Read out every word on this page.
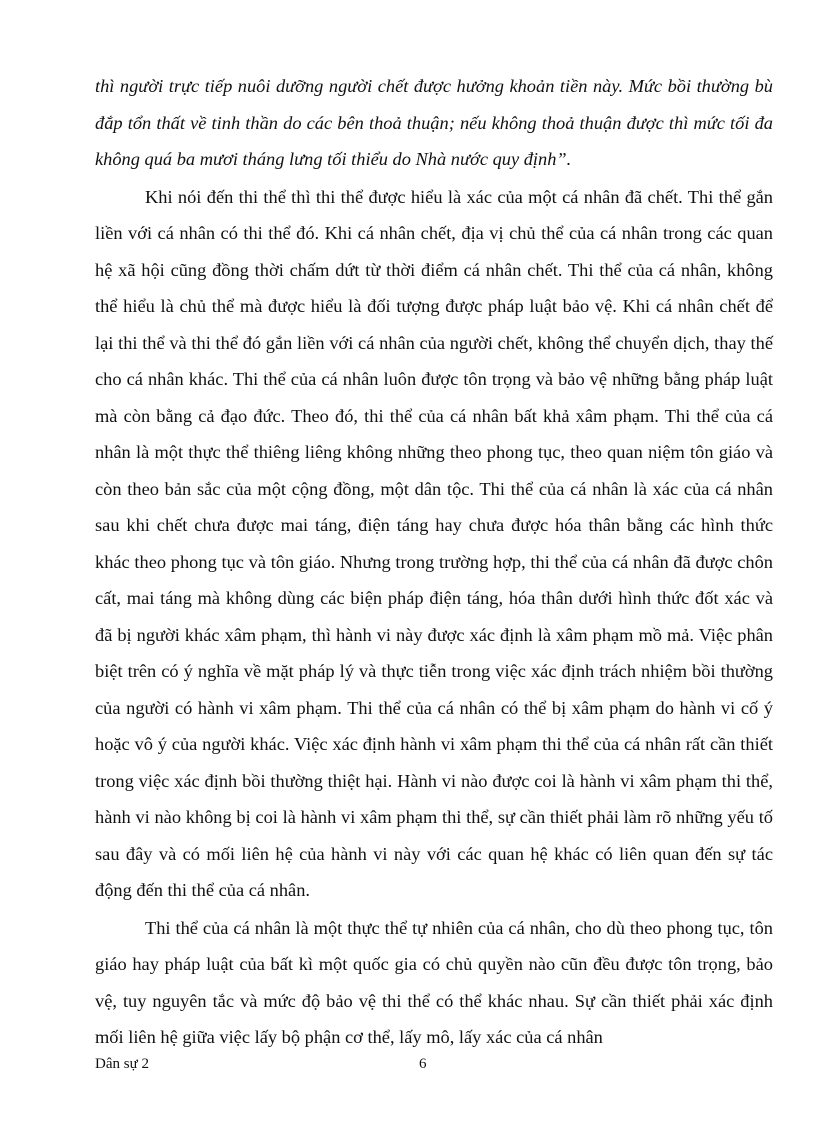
thì người trực tiếp nuôi dưỡng người chết được hưởng khoản tiền này. Mức bồi thường bù đắp tổn thất về tinh thần do các bên thoả thuận; nếu không thoả thuận được thì mức tối đa không quá ba mươi tháng lưng tối thiểu do Nhà nước quy định”.

Khi nói đến thi thể thì thi thể được hiểu là xác của một cá nhân đã chết. Thi thể gắn liền với cá nhân có thi thể đó. Khi cá nhân chết, địa vị chủ thể của cá nhân trong các quan hệ xã hội cũng đồng thời chấm dứt từ thời điểm cá nhân chết. Thi thể của cá nhân, không thể hiểu là chủ thể mà được hiểu là đối tượng được pháp luật bảo vệ. Khi cá nhân chết để lại thi thể và thi thể đó gắn liền với cá nhân của người chết, không thể chuyển dịch, thay thế cho cá nhân khác. Thi thể của cá nhân luôn được tôn trọng và bảo vệ những bằng pháp luật mà còn bằng cả đạo đức. Theo đó, thi thể của cá nhân bất khả xâm phạm. Thi thể của cá nhân là một thực thể thiêng liêng không những theo phong tục, theo quan niệm tôn giáo và còn theo bản sắc của một cộng đồng, một dân tộc. Thi thể của cá nhân là xác của cá nhân sau khi chết chưa được mai táng, điện táng hay chưa được hóa thân bằng các hình thức khác theo phong tục và tôn giáo. Nhưng trong trường hợp, thi thể của cá nhân đã được chôn cất, mai táng mà không dùng các biện pháp điện táng, hóa thân dưới hình thức đốt xác và đã bị người khác xâm phạm, thì hành vi này được xác định là xâm phạm mồ mả. Việc phân biệt trên có ý nghĩa về mặt pháp lý và thực tiễn trong việc xác định trách nhiệm bồi thường của người có hành vi xâm phạm. Thi thể của cá nhân có thể bị xâm phạm do hành vi cố ý hoặc vô ý của người khác. Việc xác định hành vi xâm phạm thi thể của cá nhân rất cần thiết trong việc xác định bồi thường thiệt hại. Hành vi nào được coi là hành vi xâm phạm thi thể, hành vi nào không bị coi là hành vi xâm phạm thi thể, sự cần thiết phải làm rõ những yếu tố sau đây và có mối liên hệ của hành vi này với các quan hệ khác có liên quan đến sự tác động đến thi thể của cá nhân.

Thi thể của cá nhân là một thực thể tự nhiên của cá nhân, cho dù theo phong tục, tôn giáo hay pháp luật của bất kì một quốc gia có chủ quyền nào cũn đều được tôn trọng, bảo vệ, tuy nguyên tắc và mức độ bảo vệ thi thể có thể khác nhau. Sự cần thiết phải xác định mối liên hệ giữa việc lấy bộ phận cơ thể, lấy mô, lấy xác của cá nhân

Dân sự 2	6
